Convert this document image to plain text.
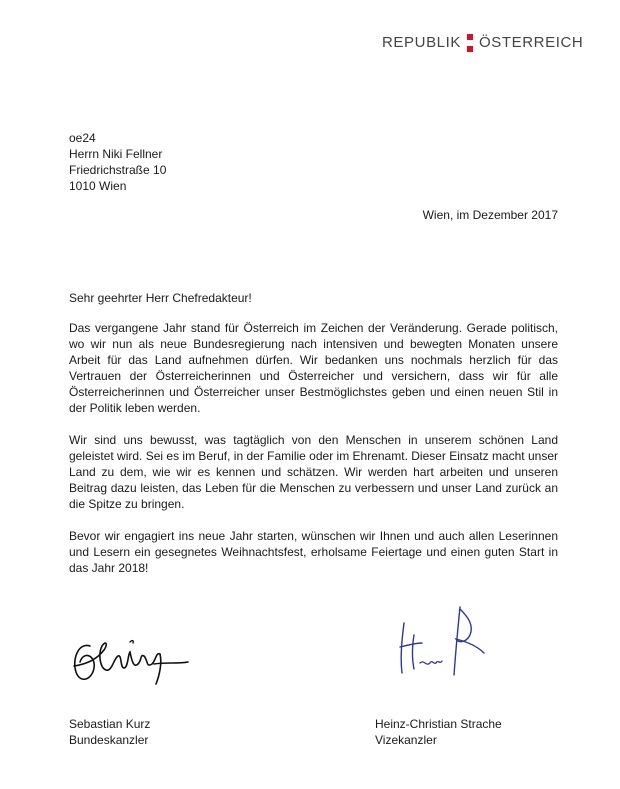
REPUBLIK ÖSTERREICH
oe24
Herrn Niki Fellner
Friedrichstraße 10
1010 Wien
Wien, im Dezember 2017
Sehr geehrter Herr Chefredakteur!

Das vergangene Jahr stand für Österreich im Zeichen der Veränderung. Gerade politisch, wo wir nun als neue Bundesregierung nach intensiven und bewegten Monaten unsere Arbeit für das Land aufnehmen dürfen. Wir bedanken uns nochmals herzlich für das Vertrauen der Österreicherinnen und Österreicher und versichern, dass wir für alle Österreicherinnen und Österreicher unser Bestmöglichstes geben und einen neuen Stil in der Politik leben werden.

Wir sind uns bewusst, was tagtäglich von den Menschen in unserem schönen Land geleistet wird. Sei es im Beruf, in der Familie oder im Ehrenamt. Dieser Einsatz macht unser Land zu dem, wie wir es kennen und schätzen. Wir werden hart arbeiten und unseren Beitrag dazu leisten, das Leben für die Menschen zu verbessern und unser Land zurück an die Spitze zu bringen.

Bevor wir engagiert ins neue Jahr starten, wünschen wir Ihnen und auch allen Leserinnen und Lesern ein gesegnetes Weihnachtsfest, erholsame Feiertage und einen guten Start in das Jahr 2018!

Sebastian Kurz
Bundeskanzler
Heinz-Christian Strache
Vizekanzler
